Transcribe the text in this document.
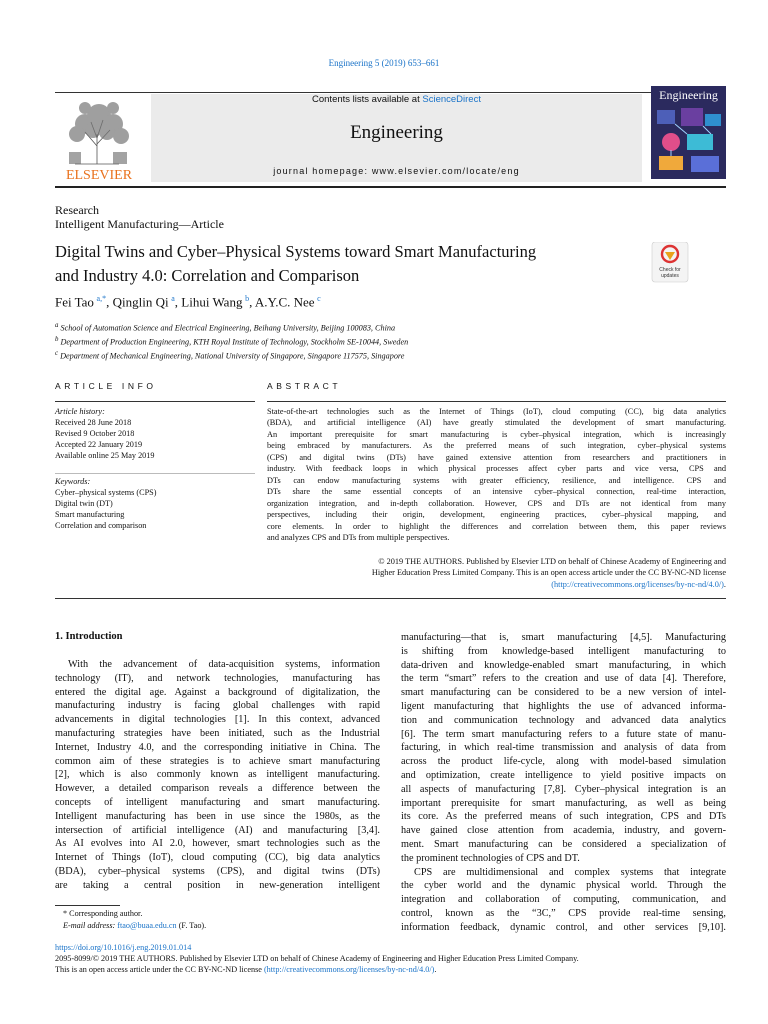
Engineering 5 (2019) 653–661
ELSEVIER
Contents lists available at ScienceDirect
Engineering
journal homepage: www.elsevier.com/locate/eng
Engineering
Research
Intelligent Manufacturing—Article
Digital Twins and Cyber–Physical Systems toward Smart Manufacturing
and Industry 4.0: Correlation and Comparison	Check for
updates
Fei Tao  $^{a,*}$, Qinglin Qi  $^a$, Lihui Wang  $^b$, A.Y.C. Nee  $^c$
$^a$ School of Automation Science and Electrical Engineering, Beihang University, Beijing 100083, China
$^b$ Department of Production Engineering, KTH Royal Institute of Technology, Stockholm SE-10044, Sweden
$^c$ Department of Mechanical Engineering, National University of Singapore, Singapore 117575, Singapore
ARTICLE INFO	ABSTRACT
Article history:
Received 28 June 2018
Revised 9 October 2018
Accepted 22 January 2019
Available online 25 May 2019
Keywords:
Cyber–physical systems (CPS)
Digital twin (DT)
Smart manufacturing
Correlation and comparison
State-of-the-art technologies such as the Internet of Things (IoT), cloud computing (CC), big data analytics
(BDA), and artificial intelligence (AI) have greatly stimulated the development of smart manufacturing.
An important prerequisite for smart manufacturing is cyber–physical integration, which is increasingly
being embraced by manufacturers. As the preferred means of such integration, cyber–physical systems
(CPS) and digital twins (DTs) have gained extensive attention from researchers and practitioners in
industry. With feedback loops in which physical processes affect cyber parts and vice versa, CPS and
DTs can endow manufacturing systems with greater efficiency, resilience, and intelligence. CPS and
DTs share the same essential concepts of an intensive cyber–physical connection, real-time interaction,
organization integration, and in-depth collaboration. However, CPS and DTs are not identical from many
perspectives, including their origin, development, engineering practices, cyber–physical mapping, and
core elements. In order to highlight the differences and correlation between them, this paper reviews
and analyzes CPS and DTs from multiple perspectives.
© 2019 THE AUTHORS. Published by Elsevier LTD on behalf of Chinese Academy of Engineering and
Higher Education Press Limited Company. This is an open access article under the CC BY-NC-ND license
(http://creativecommons.org/licenses/by-nc-nd/4.0/).
1. Introduction
With the advancement of data-acquisition systems, information
technology (IT), and network technologies, manufacturing has
entered the digital age. Against a background of digitalization, the
manufacturing industry is facing global challenges with rapid
advancements in digital technologies [1]. In this context, advanced
manufacturing strategies have been initiated, such as the Industrial
Internet, Industry 4.0, and the corresponding initiative in China. The
common aim of these strategies is to achieve smart manufacturing
[2], which is also commonly known as intelligent manufacturing.
However, a detailed comparison reveals a difference between the
concepts of intelligent manufacturing and smart manufacturing.
Intelligent manufacturing has been in use since the 1980s, as the
intersection of artificial intelligence (AI) and manufacturing [3,4].
As AI evolves into AI 2.0, however, smart technologies such as the
Internet of Things (IoT), cloud computing (CC), big data analytics
(BDA), cyber–physical systems (CPS), and digital twins (DTs)
are taking a central position in new-generation intelligent
manufacturing—that is, smart manufacturing [4,5]. Manufacturing
is shifting from knowledge-based intelligent manufacturing to
data-driven and knowledge-enabled smart manufacturing, in which
the term “smart” refers to the creation and use of data [4]. Therefore,
smart manufacturing can be considered to be a new version of intel-
ligent manufacturing that highlights the use of advanced informa-
tion and communication technology and advanced data analytics
[6]. The term smart manufacturing refers to a future state of manu-
facturing, in which real-time transmission and analysis of data from
across the product life-cycle, along with model-based simulation
and optimization, create intelligence to yield positive impacts on
all aspects of manufacturing [7,8]. Cyber–physical integration is an
important prerequisite for smart manufacturing, as well as being
its core. As the preferred means of such integration, CPS and DTs
have gained close attention from academia, industry, and govern-
ment. Smart manufacturing can be considered a specialization of
the prominent technologies of CPS and DT.
CPS are multidimensional and complex systems that integrate
the cyber world and the dynamic physical world. Through the
integration and collaboration of computing, communication, and
control, known as the “3C,” CPS provide real-time sensing,
information feedback, dynamic control, and other services [9,10].
* Corresponding author.
E-mail address: ftao@buaa.edu.cn (F. Tao).
https://doi.org/10.1016/j.eng.2019.01.014
2095-8099/© 2019 THE AUTHORS. Published by Elsevier LTD on behalf of Chinese Academy of Engineering and Higher Education Press Limited Company.
This is an open access article under the CC BY-NC-ND license (http://creativecommons.org/licenses/by-nc-nd/4.0/).
